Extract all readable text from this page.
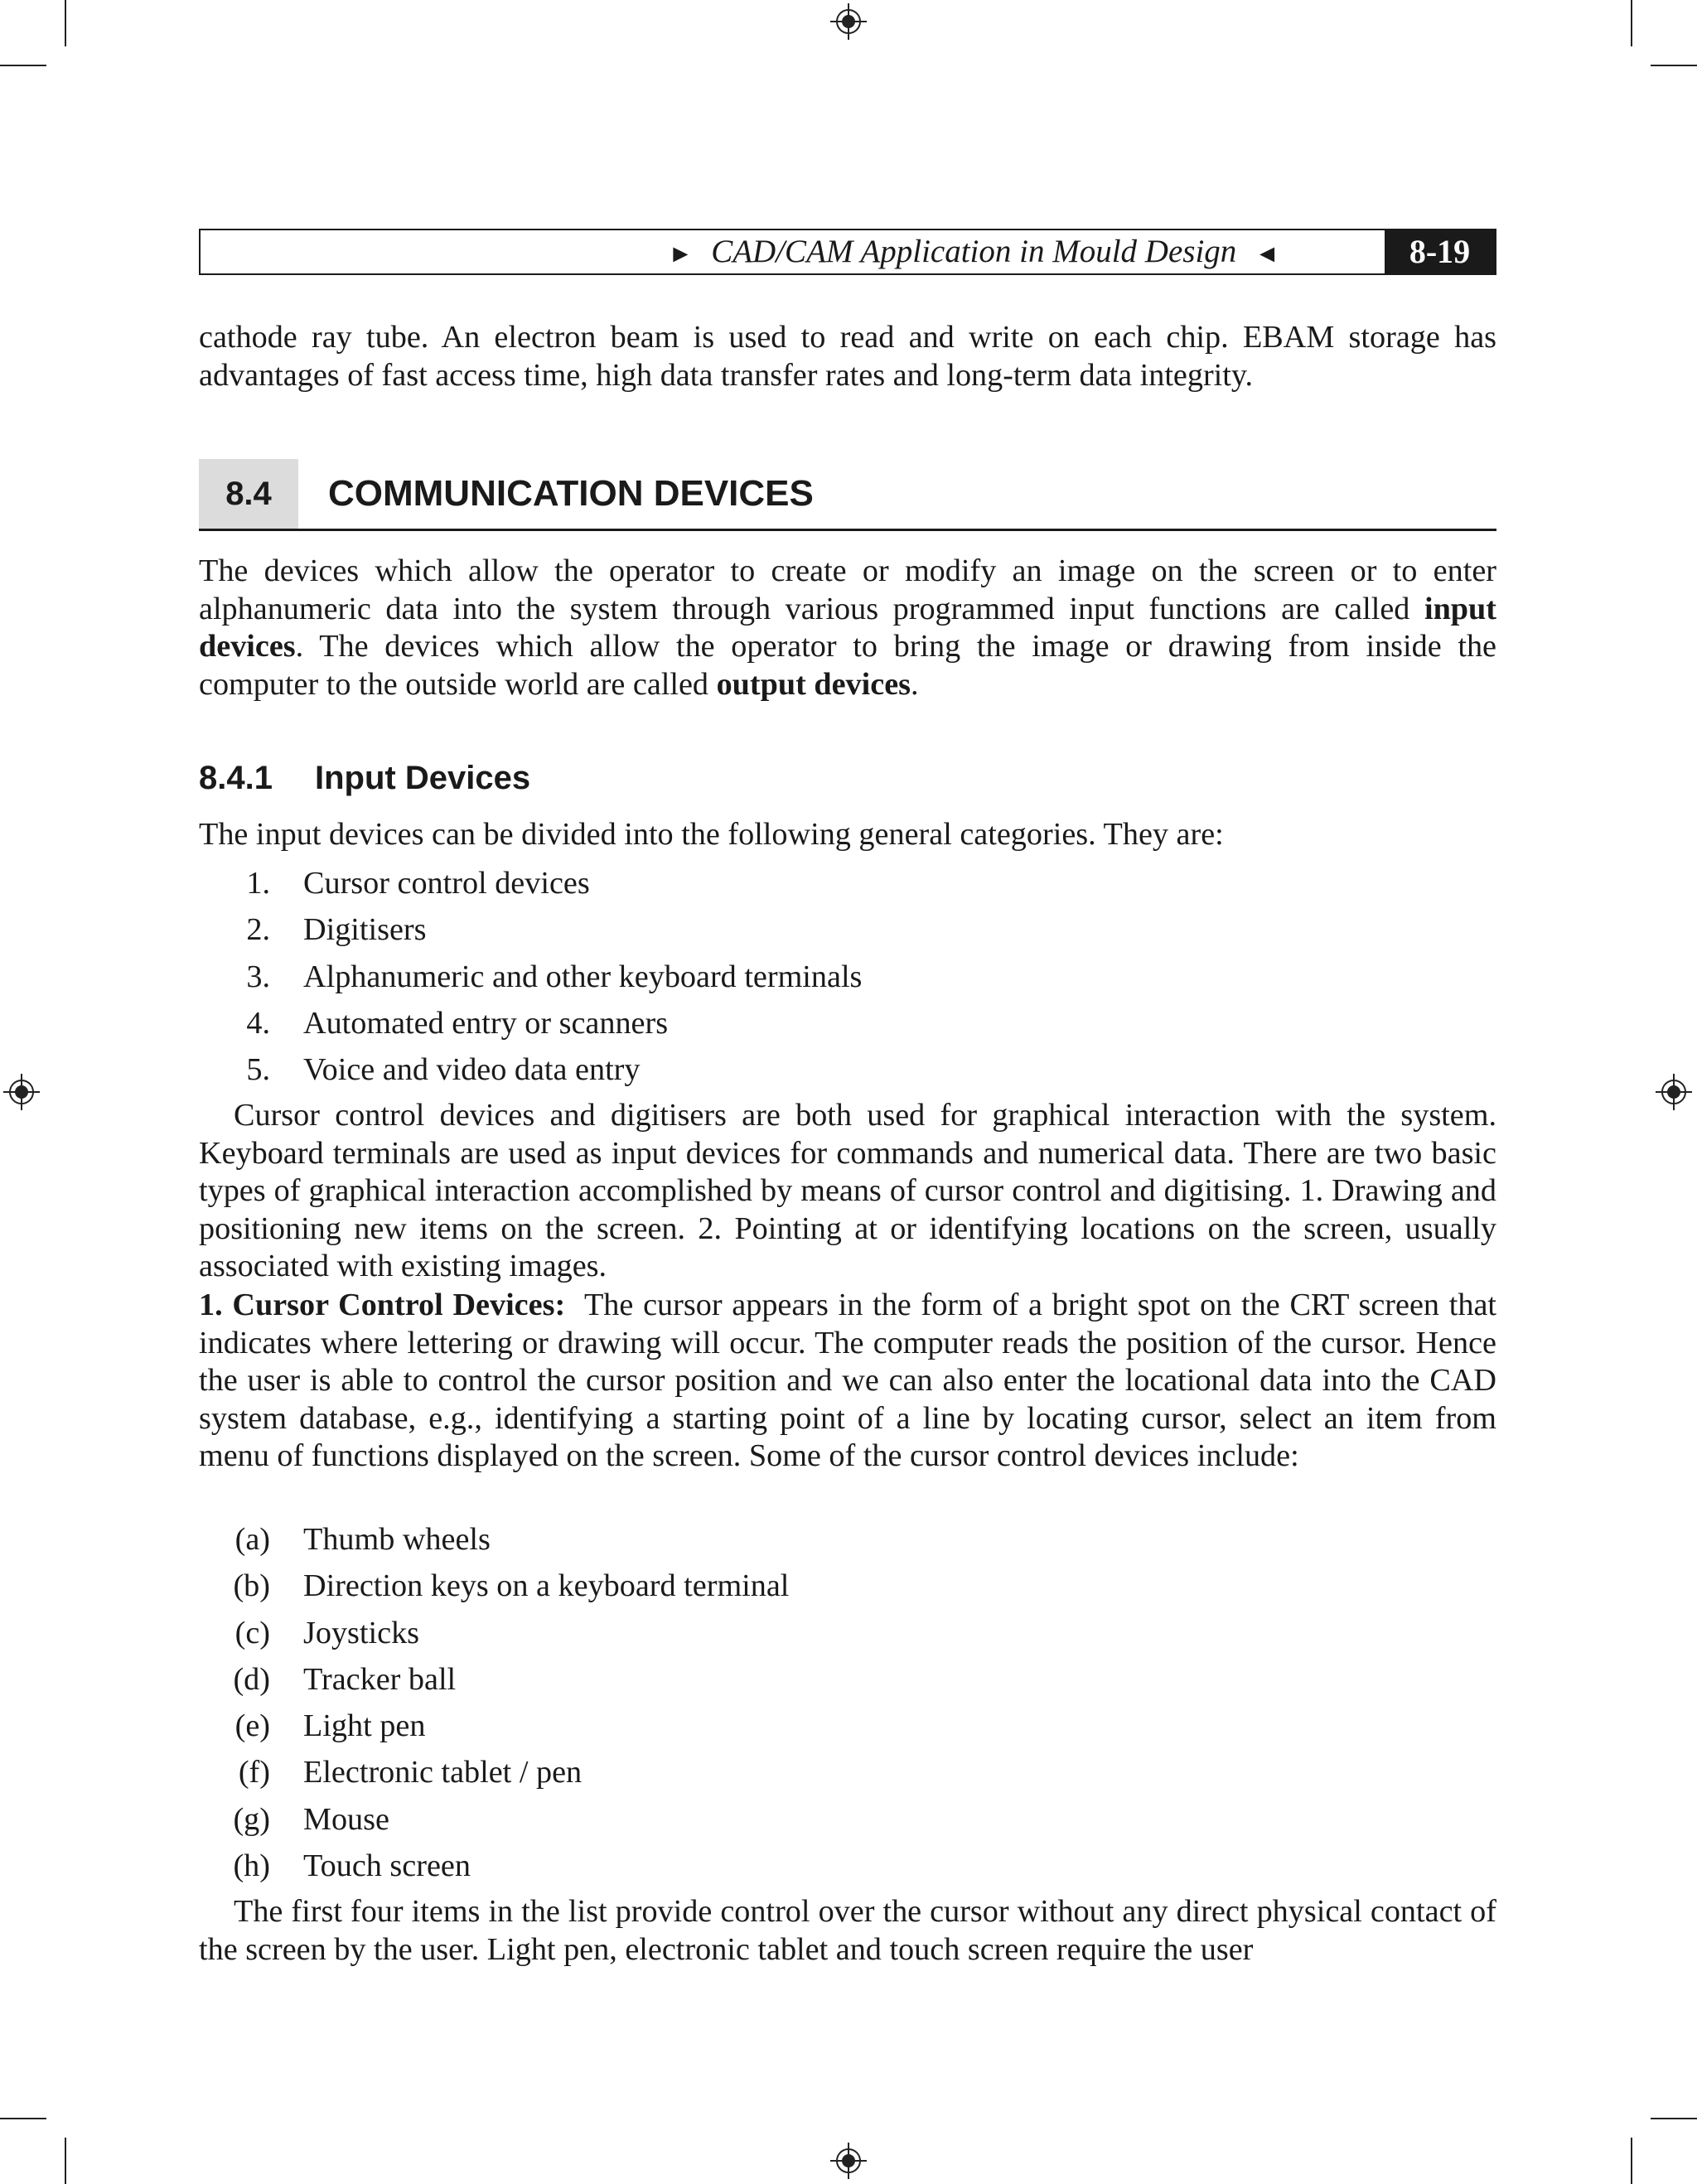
► CAD/CAM Application in Mould Design ◄	8-19

cathode ray tube. An electron beam is used to read and write on each chip. EBAM storage has advantages of fast access time, high data transfer rates and long-term data integrity.

8.4	COMMUNICATION DEVICES

The devices which allow the operator to create or modify an image on the screen or to enter alphanumeric data into the system through various programmed input functions are called input devices. The devices which allow the operator to bring the image or drawing from inside the computer to the outside world are called output devices.

8.4.1 Input Devices

The input devices can be divided into the following general categories. They are:

1. Cursor control devices
2. Digitisers
3. Alphanumeric and other keyboard terminals
4. Automated entry or scanners
5. Voice and video data entry

Cursor control devices and digitisers are both used for graphical interaction with the system. Keyboard terminals are used as input devices for commands and numerical data. There are two basic types of graphical interaction accomplished by means of cursor control and digitising. 1. Drawing and positioning new items on the screen. 2. Pointing at or identifying locations on the screen, usually associated with existing images.

1. Cursor Control Devices: The cursor appears in the form of a bright spot on the CRT screen that indicates where lettering or drawing will occur. The computer reads the position of the cursor. Hence the user is able to control the cursor position and we can also enter the locational data into the CAD system database, e.g., identifying a starting point of a line by locating cursor, select an item from menu of functions displayed on the screen. Some of the cursor control devices include:

(a) Thumb wheels
(b) Direction keys on a keyboard terminal
(c) Joysticks
(d) Tracker ball
(e) Light pen
(f) Electronic tablet / pen
(g) Mouse
(h) Touch screen

The first four items in the list provide control over the cursor without any direct physical contact of the screen by the user. Light pen, electronic tablet and touch screen require the user
